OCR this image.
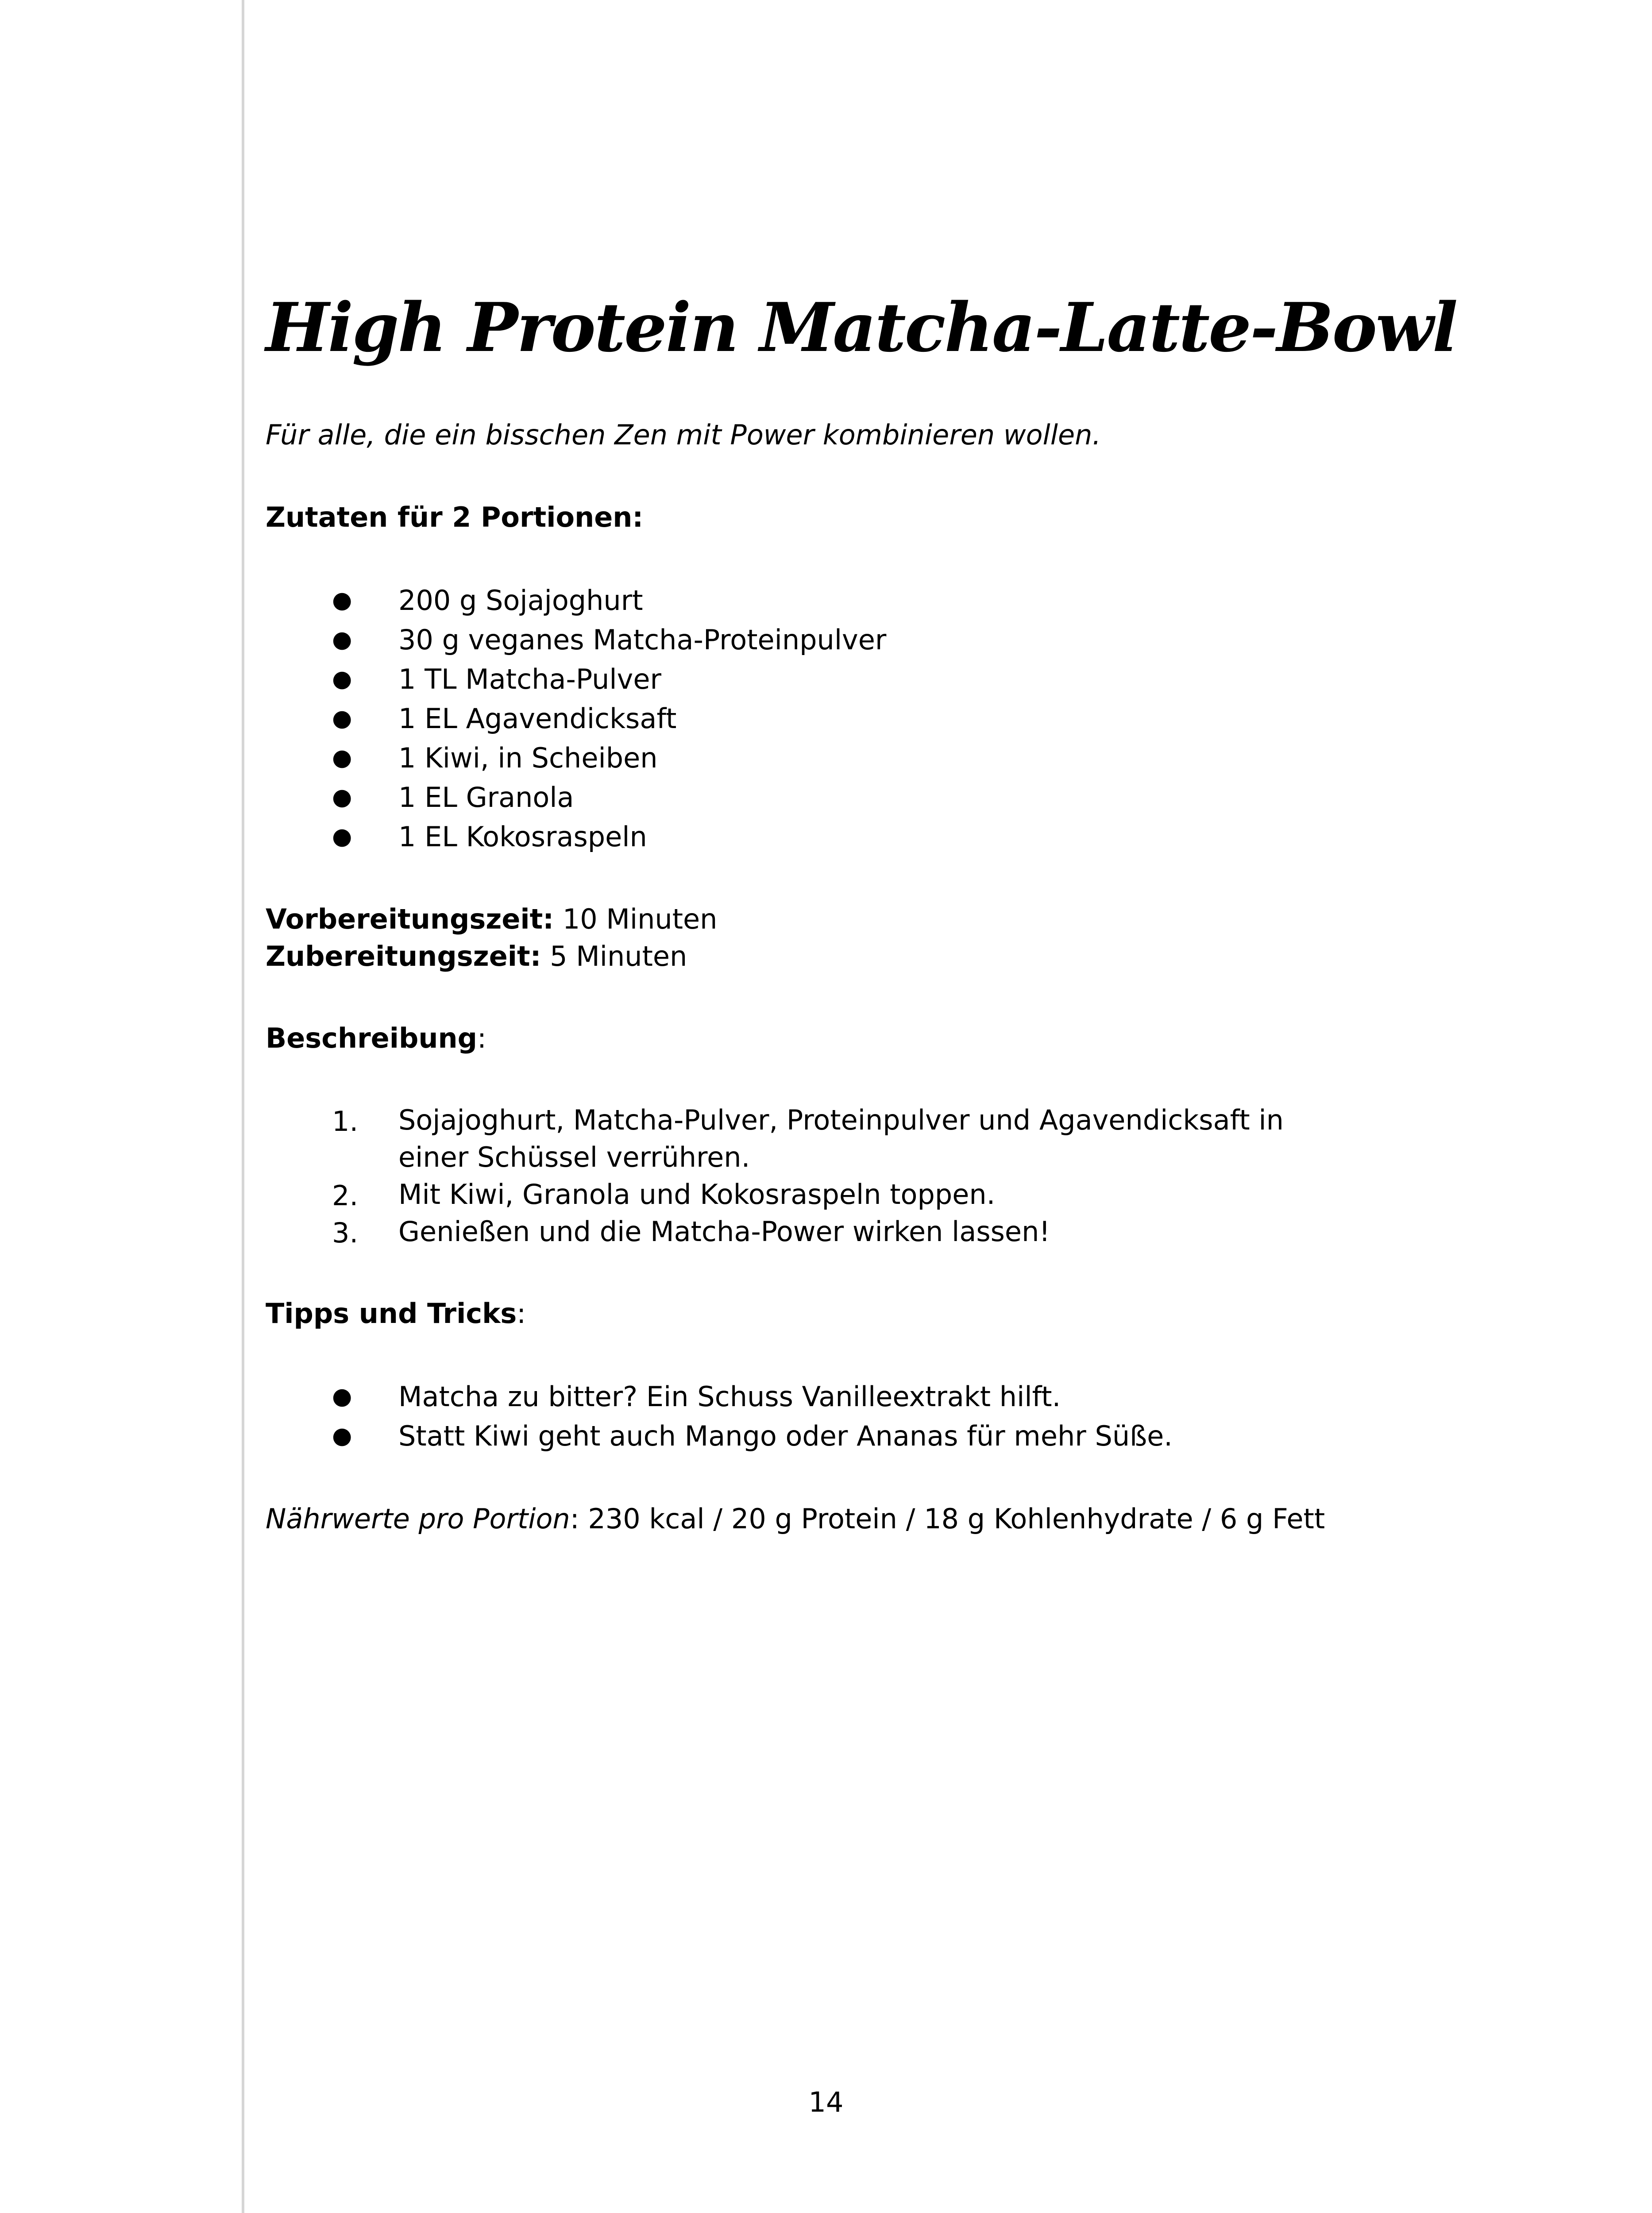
High Protein Matcha-Latte-Bowl

Für alle, die ein bisschen Zen mit Power kombinieren wollen.

Zutaten für 2 Portionen:

● 200 g Sojajoghurt
● 30 g veganes Matcha-Proteinpulver
● 1 TL Matcha-Pulver
● 1 EL Agavendicksaft
● 1 Kiwi, in Scheiben
● 1 EL Granola
● 1 EL Kokosraspeln
Vorbereitungszeit: 10 Minuten
Zubereitungszeit: 5 Minuten

Beschreibung:

1. Sojajoghurt, Matcha-Pulver, Proteinpulver und Agavendicksaft in einer Schüssel verrühren.
2. Mit Kiwi, Granola und Kokosraspeln toppen.
3. Genießen und die Matcha-Power wirken lassen!

Tipps und Tricks:

● Matcha zu bitter? Ein Schuss Vanilleextrakt hilft.
● Statt Kiwi geht auch Mango oder Ananas für mehr Süße.

Nährwerte pro Portion: 230 kcal / 20 g Protein / 18 g Kohlenhydrate / 6 g Fett

14
